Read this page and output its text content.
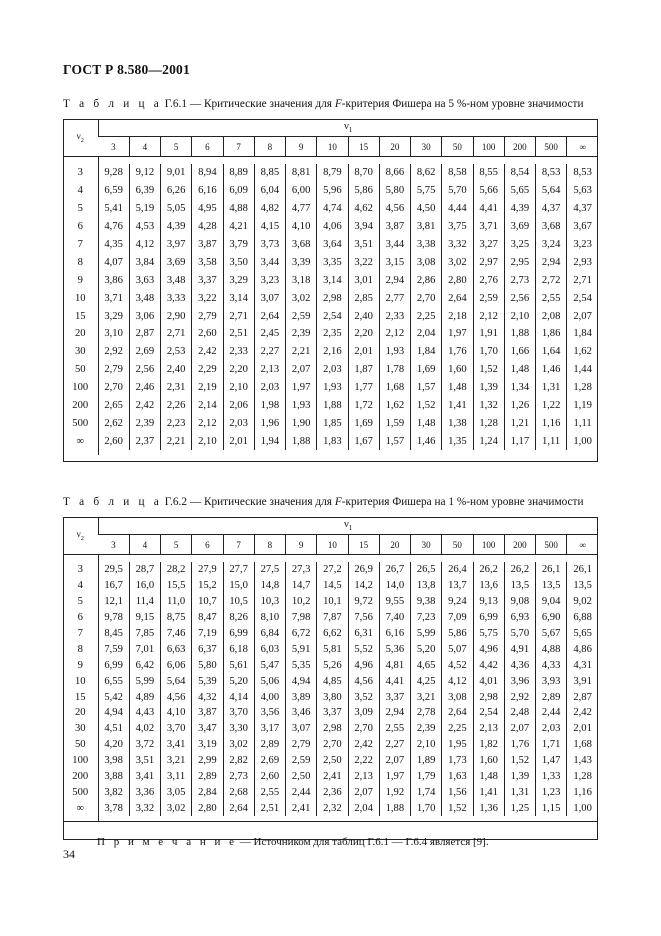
ГОСТ Р 8.580—2001
Т а б л и ц а Г.6.1 — Критические значения для F-критерия Фишера на 5 %-ном уровне значимости
$\nu_2$	$\nu_1$
	3	4	5	6	7	8	9	10	15	20	30	50	100	200	500	∞

3	9,28	9,12	9,01	8,94	8,89	8,85	8,81	8,79	8,70	8,66	8,62	8,58	8,55	8,54	8,53	8,53
4	6,59	6,39	6,26	6,16	6,09	6,04	6,00	5,96	5,86	5,80	5,75	5,70	5,66	5,65	5,64	5,63
5	5,41	5,19	5,05	4,95	4,88	4,82	4,77	4,74	4,62	4,56	4,50	4,44	4,41	4,39	4,37	4,37
6	4,76	4,53	4,39	4,28	4,21	4,15	4,10	4,06	3,94	3,87	3,81	3,75	3,71	3,69	3,68	3,67
7	4,35	4,12	3,97	3,87	3,79	3,73	3,68	3,64	3,51	3,44	3,38	3,32	3,27	3,25	3,24	3,23
8	4,07	3,84	3,69	3,58	3,50	3,44	3,39	3,35	3,22	3,15	3,08	3,02	2,97	2,95	2,94	2,93
9	3,86	3,63	3,48	3,37	3,29	3,23	3,18	3,14	3,01	2,94	2,86	2,80	2,76	2,73	2,72	2,71
10	3,71	3,48	3,33	3,22	3,14	3,07	3,02	2,98	2,85	2,77	2,70	2,64	2,59	2,56	2,55	2,54
15	3,29	3,06	2,90	2,79	2,71	2,64	2,59	2,54	2,40	2,33	2,25	2,18	2,12	2,10	2,08	2,07
20	3,10	2,87	2,71	2,60	2,51	2,45	2,39	2,35	2,20	2,12	2,04	1,97	1,91	1,88	1,86	1,84
30	2,92	2,69	2,53	2,42	2,33	2,27	2,21	2,16	2,01	1,93	1,84	1,76	1,70	1,66	1,64	1,62
50	2,79	2,56	2,40	2,29	2,20	2,13	2,07	2,03	1,87	1,78	1,69	1,60	1,52	1,48	1,46	1,44
100	2,70	2,46	2,31	2,19	2,10	2,03	1,97	1,93	1,77	1,68	1,57	1,48	1,39	1,34	1,31	1,28
200	2,65	2,42	2,26	2,14	2,06	1,98	1,93	1,88	1,72	1,62	1,52	1,41	1,32	1,26	1,22	1,19
500	2,62	2,39	2,23	2,12	2,03	1,96	1,90	1,85	1,69	1,59	1,48	1,38	1,28	1,21	1,16	1,11
∞	2,60	2,37	2,21	2,10	2,01	1,94	1,88	1,83	1,67	1,57	1,46	1,35	1,24	1,17	1,11	1,00

Т а б л и ц а Г.6.2 — Критические значения для F-критерия Фишера на 1 %-ном уровне значимости
$\nu_2$	$\nu_1$
	3	4	5	6	7	8	9	10	15	20	30	50	100	200	500	∞

3	29,5	28,7	28,2	27,9	27,7	27,5	27,3	27,2	26,9	26,7	26,5	26,4	26,2	26,2	26,1	26,1
4	16,7	16,0	15,5	15,2	15,0	14,8	14,7	14,5	14,2	14,0	13,8	13,7	13,6	13,5	13,5	13,5
5	12,1	11,4	11,0	10,7	10,5	10,3	10,2	10,1	9,72	9,55	9,38	9,24	9,13	9,08	9,04	9,02
6	9,78	9,15	8,75	8,47	8,26	8,10	7,98	7,87	7,56	7,40	7,23	7,09	6,99	6,93	6,90	6,88
7	8,45	7,85	7,46	7,19	6,99	6,84	6,72	6,62	6,31	6,16	5,99	5,86	5,75	5,70	5,67	5,65
8	7,59	7,01	6,63	6,37	6,18	6,03	5,91	5,81	5,52	5,36	5,20	5,07	4,96	4,91	4,88	4,86
9	6,99	6,42	6,06	5,80	5,61	5,47	5,35	5,26	4,96	4,81	4,65	4,52	4,42	4,36	4,33	4,31
10	6,55	5,99	5,64	5,39	5,20	5,06	4,94	4,85	4,56	4,41	4,25	4,12	4,01	3,96	3,93	3,91
15	5,42	4,89	4,56	4,32	4,14	4,00	3,89	3,80	3,52	3,37	3,21	3,08	2,98	2,92	2,89	2,87
20	4,94	4,43	4,10	3,87	3,70	3,56	3,46	3,37	3,09	2,94	2,78	2,64	2,54	2,48	2,44	2,42
30	4,51	4,02	3,70	3,47	3,30	3,17	3,07	2,98	2,70	2,55	2,39	2,25	2,13	2,07	2,03	2,01
50	4,20	3,72	3,41	3,19	3,02	2,89	2,79	2,70	2,42	2,27	2,10	1,95	1,82	1,76	1,71	1,68
100	3,98	3,51	3,21	2,99	2,82	2,69	2,59	2,50	2,22	2,07	1,89	1,73	1,60	1,52	1,47	1,43
200	3,88	3,41	3,11	2,89	2,73	2,60	2,50	2,41	2,13	1,97	1,79	1,63	1,48	1,39	1,33	1,28
500	3,82	3,36	3,05	2,84	2,68	2,55	2,44	2,36	2,07	1,92	1,74	1,56	1,41	1,31	1,23	1,16
∞	3,78	3,32	3,02	2,80	2,64	2,51	2,41	2,32	2,04	1,88	1,70	1,52	1,36	1,25	1,15	1,00

П р и м е ч а н и е — Источником для таблиц Г.6.1 — Г.6.4 является [9].																
34
